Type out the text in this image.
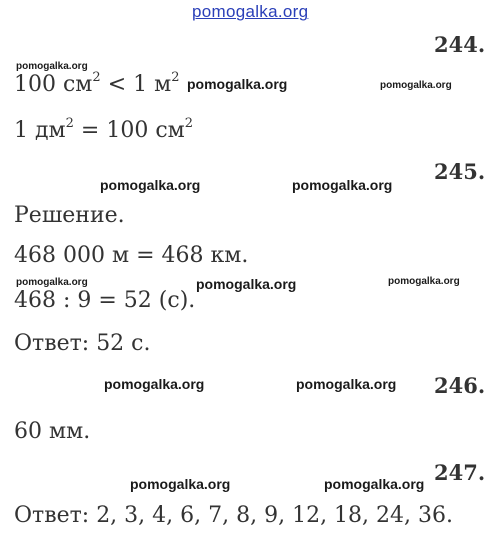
pomogalka.org
244.
pomogalka.org
100 $см^2 < 1$ $м^2$ pomogalka.org	pomogalka.org
1 $дм^2 = 100$ $см^2$
245.
pomogalka.org	pomogalka.org
Решение.
468 000 м = 468 км.
pomogalka.org	pomogalka.org	pomogalka.org
468 : 9 = 52 (с).
Ответ: 52 с.
pomogalka.org	pomogalka.org 246.
60 мм.
247.
pomogalka.org	pomogalka.org
Ответ: 2, 3, 4, 6, 7, 8, 9, 12, 18, 24, 36.
